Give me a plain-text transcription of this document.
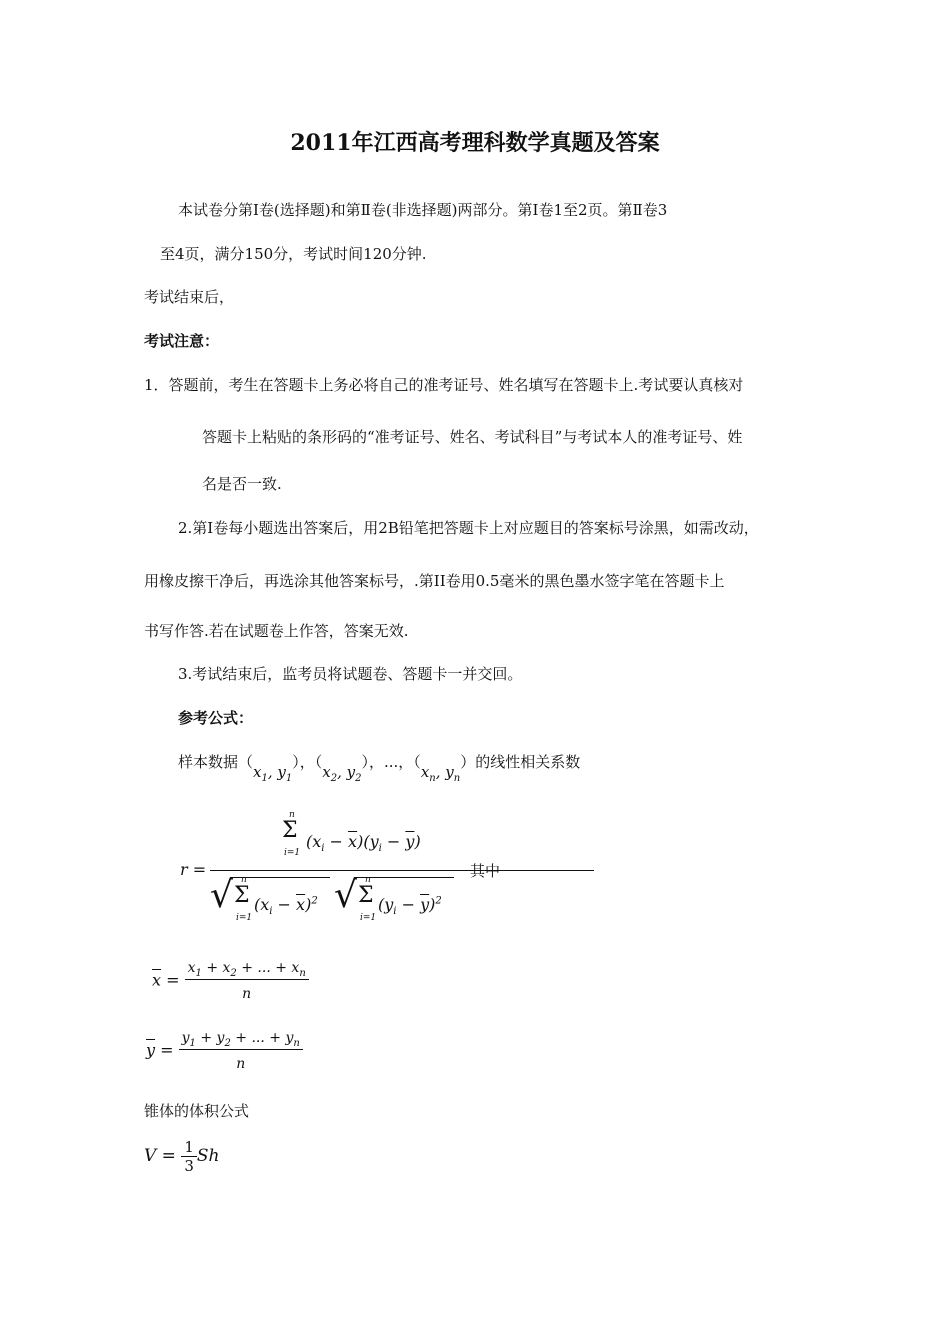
2011年江西高考理科数学真题及答案
本试卷分第Ⅰ卷(选择题)和第Ⅱ卷(非选择题)两部分。第Ⅰ卷1至2页。第Ⅱ卷3
至4页，满分150分，考试时间120分钟.
考试结束后，
考试注意：
1．答题前，考生在答题卡上务必将自己的准考证号、姓名填写在答题卡上.考试要认真核对
答题卡上粘贴的条形码的“准考证号、姓名、考试科目”与考试本人的准考证号、姓
名是否一致.
2.第Ⅰ卷每小题选出答案后，用2B铅笔把答题卡上对应题目的答案标号涂黑，如需改动，
用橡皮擦干净后，再选涂其他答案标号，.第II卷用0.5毫米的黑色墨水签字笔在答题卡上
书写作答.若在试题卷上作答，答案无效.
3.考试结束后，监考员将试题卷、答题卡一并交回。
参考公式：
样本数据（$x_1$, $y_1$），（$x_2$, $y_2$），...，（$x_n$, $y_n$）的线性相关系数
r =
n
Σ
i=1
$(x_i - \overline{x})(y_i - \overline{y})$
√ n
Σ
i=1
$(x_i - \overline{x})^2$ √ n
Σ
i=1
$(y_i - \overline{y})^2$
其中
$\overline{x} = \frac{x_1 + x_2 + ... + x_n}{n}$
$\overline{y} = \frac{y_1 + y_2 + ... + y_n}{n}$
锥体的体积公式
$V = \frac{1}{3}$ Sh
